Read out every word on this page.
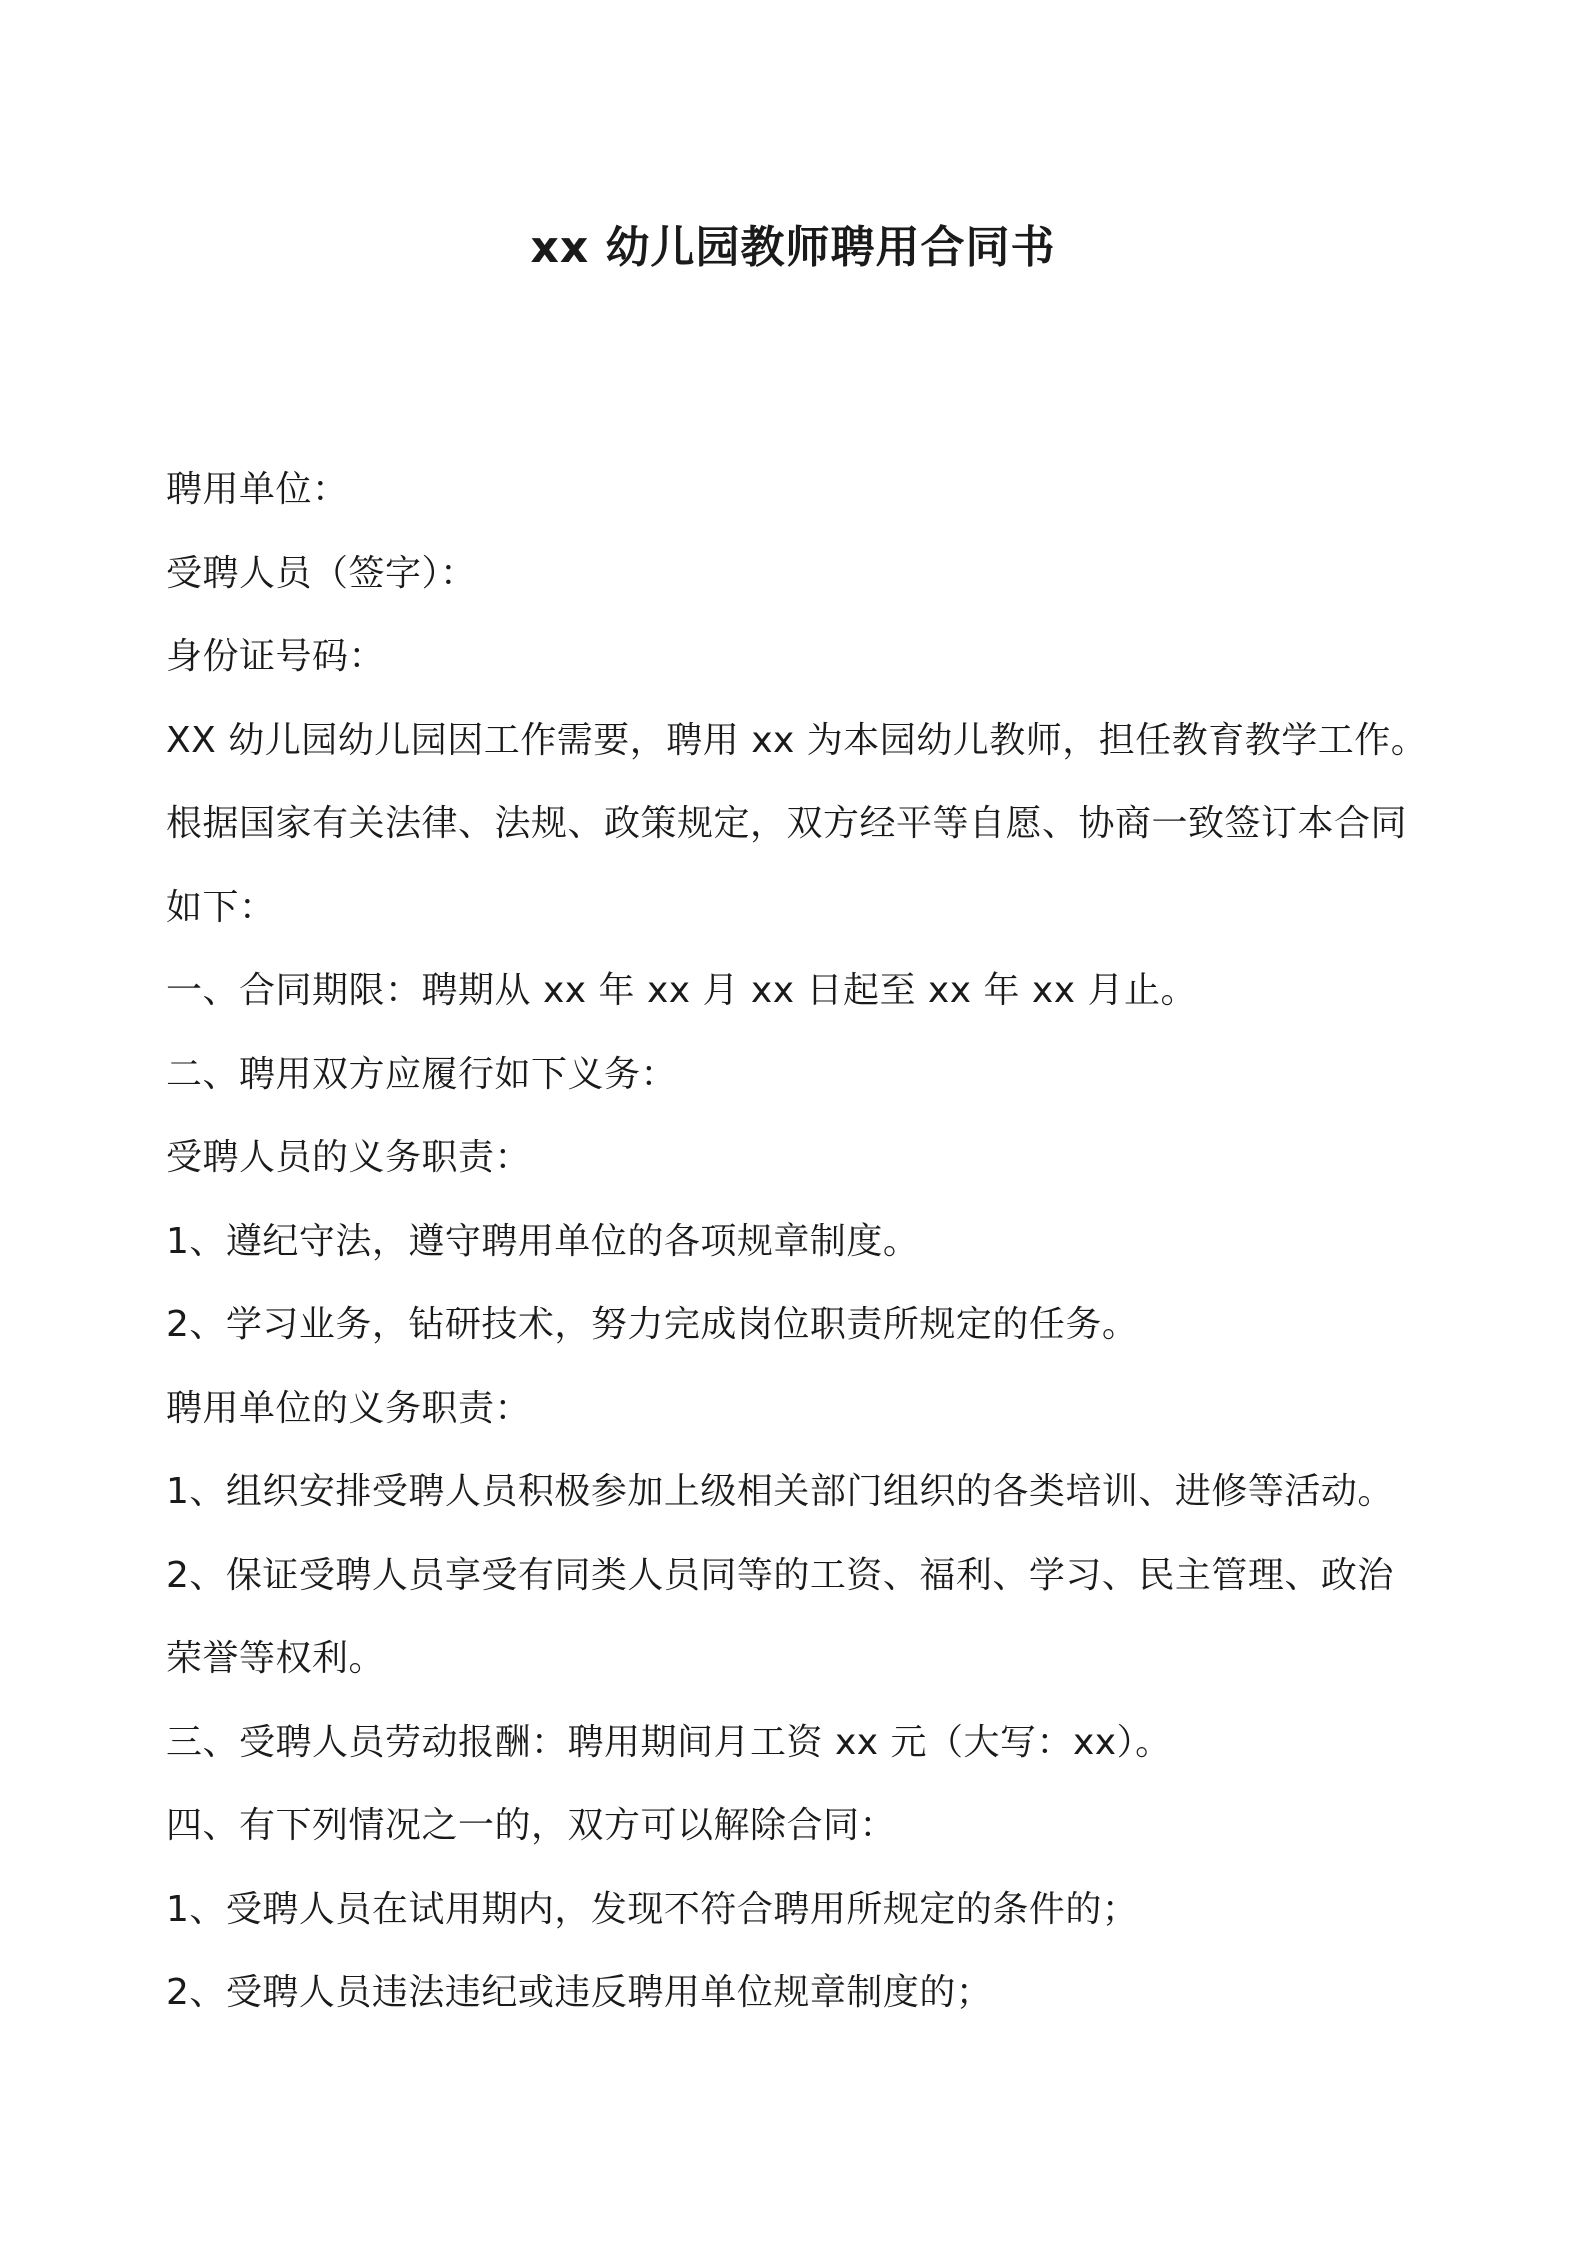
xx 幼儿园教师聘用合同书
聘用单位：
受聘人员（签字）：
身份证号码：
XX 幼儿园幼儿园因工作需要，聘用 xx 为本园幼儿教师，担任教育教学工作。
根据国家有关法律、法规、政策规定，双方经平等自愿、协商一致签订本合同
如下：
一、合同期限：聘期从 xx 年 xx 月 xx 日起至 xx 年 xx 月止。
二、聘用双方应履行如下义务：
受聘人员的义务职责：
1、遵纪守法，遵守聘用单位的各项规章制度。
2、学习业务，钻研技术，努力完成岗位职责所规定的任务。
聘用单位的义务职责：
1、组织安排受聘人员积极参加上级相关部门组织的各类培训、进修等活动。
2、保证受聘人员享受有同类人员同等的工资、福利、学习、民主管理、政治
荣誉等权利。
三、受聘人员劳动报酬：聘用期间月工资 xx 元（大写：xx）。
四、有下列情况之一的，双方可以解除合同：
1、受聘人员在试用期内，发现不符合聘用所规定的条件的；
2、受聘人员违法违纪或违反聘用单位规章制度的；
